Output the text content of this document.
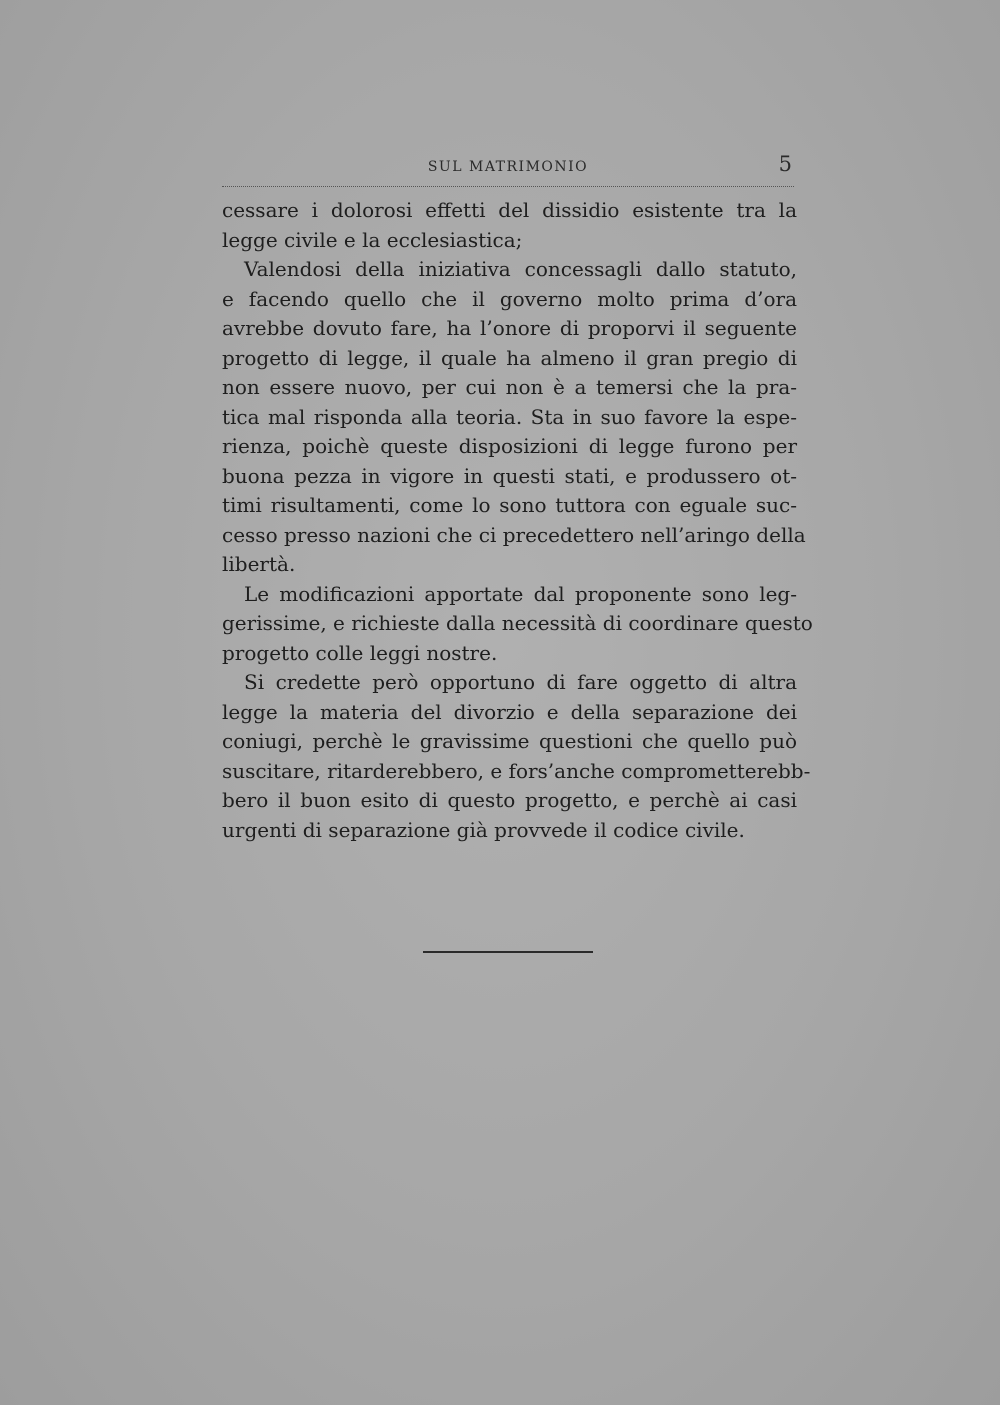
SUL MATRIMONIO	5
cessare i dolorosi effetti del dissidio esistente tra la
legge civile e la ecclesiastica;
Valendosi della iniziativa concessagli dallo statuto,
e facendo quello che il governo molto prima d’ora
avrebbe dovuto fare, ha l’onore di proporvi il seguente
progetto di legge, il quale ha almeno il gran pregio di
non essere nuovo, per cui non è a temersi che la pra-
tica mal risponda alla teoria. Sta in suo favore la espe-
rienza, poichè queste disposizioni di legge furono per
buona pezza in vigore in questi stati, e produssero ot-
timi risultamenti, come lo sono tuttora con eguale suc-
cesso presso nazioni che ci precedettero nell’aringo della
libertà.
Le modificazioni apportate dal proponente sono leg-
gerissime, e richieste dalla necessità di coordinare questo
progetto colle leggi nostre.
Si credette però opportuno di fare oggetto di altra
legge la materia del divorzio e della separazione dei
coniugi, perchè le gravissime questioni che quello può
suscitare, ritarderebbero, e fors’anche comprometterebb-
bero il buon esito di questo progetto, e perchè ai casi
urgenti di separazione già provvede il codice civile.
